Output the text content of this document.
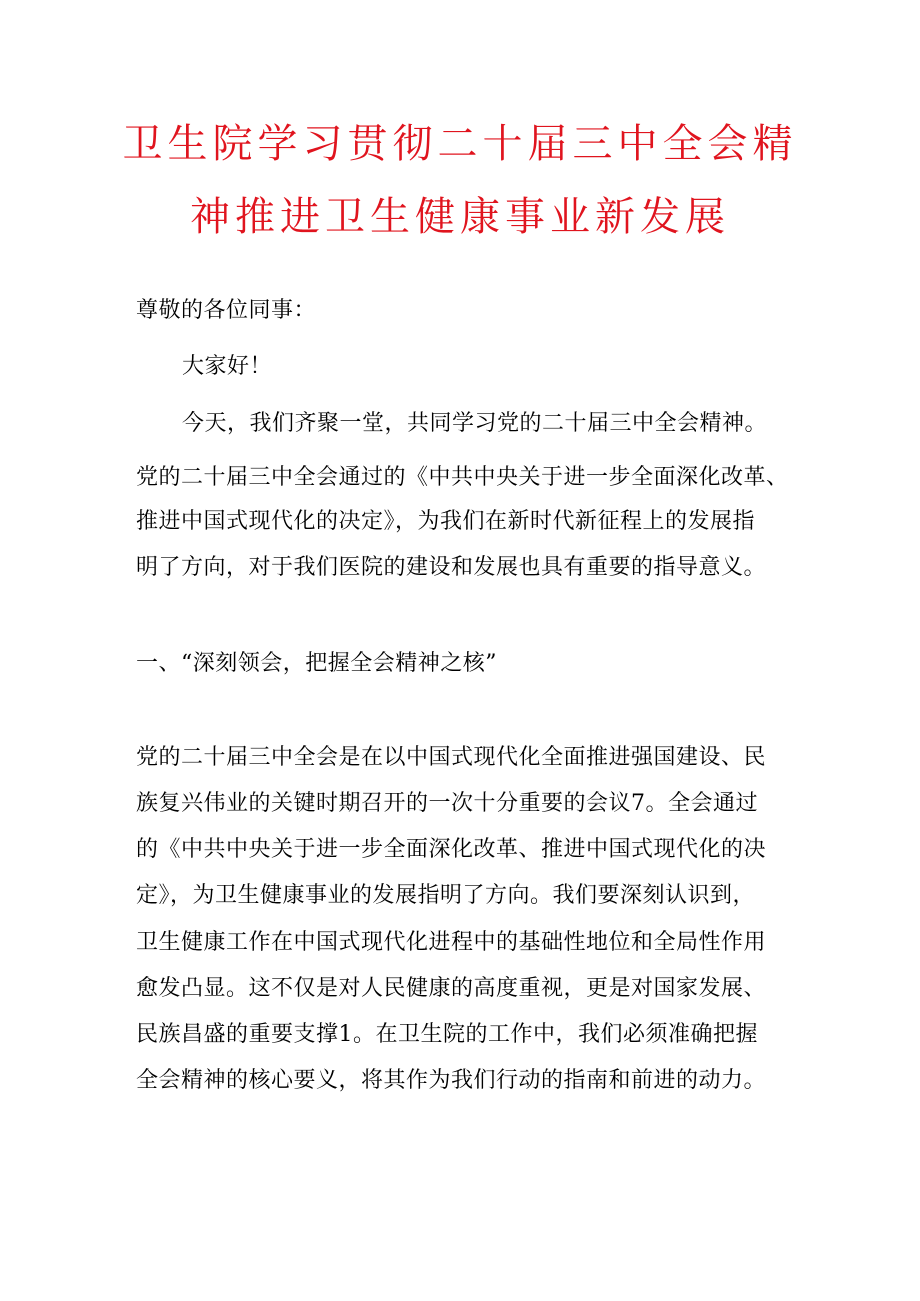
卫生院学习贯彻二十届三中全会精
神推进卫生健康事业新发展
尊敬的各位同事：
大家好！
今天，我们齐聚一堂，共同学习党的二十届三中全会精神。
党的二十届三中全会通过的《中共中央关于进一步全面深化改革、
推进中国式现代化的决定》，为我们在新时代新征程上的发展指
明了方向，对于我们医院的建设和发展也具有重要的指导意义。
一、“深刻领会，把握全会精神之核”
党的二十届三中全会是在以中国式现代化全面推进强国建设、民
族复兴伟业的关键时期召开的一次十分重要的会议7。全会通过
的《中共中央关于进一步全面深化改革、推进中国式现代化的决
定》，为卫生健康事业的发展指明了方向。我们要深刻认识到，
卫生健康工作在中国式现代化进程中的基础性地位和全局性作用
愈发凸显。这不仅是对人民健康的高度重视，更是对国家发展、
民族昌盛的重要支撑1。在卫生院的工作中，我们必须准确把握
全会精神的核心要义，将其作为我们行动的指南和前进的动力。
